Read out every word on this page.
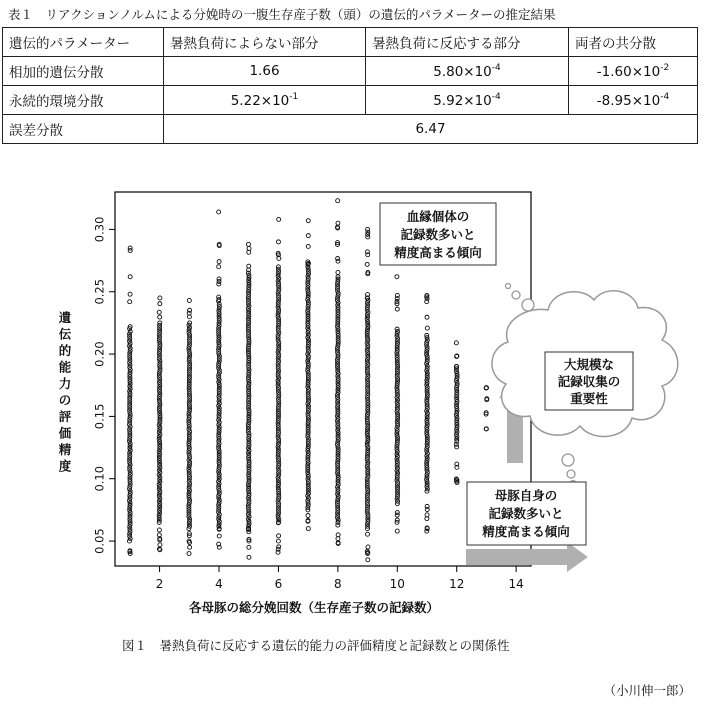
表１　リアクションノルムによる分娩時の一腹生存産子数（頭）の遺伝的パラメーターの推定結果
遺伝的パラメーター	暑熱負荷によらない部分	暑熱負荷に反応する部分	両者の共分散
相加的遺伝分散	1.66	$5.80\times 10^{-4}$	$-1.60\times 10^{-2}$
永続的環境分散	$5.22\times 10^{-1}$	$5.92\times 10^{-4}$	$-8.95\times 10^{-4}$
誤差分散	6.47		
遺
伝
的
能
力
の
評
価
精
度
2	4	6	8	10	12	14
0.05
0.10
0.15
0.20
0.25
0.30
大規模な
記録収集の
重要性
血縁個体の
記録数多いと
精度高まる傾向
母豚自身の
記録数多いと
精度高まる傾向
各母豚の総分娩回数（生存産子数の記録数）
図１　暑熱負荷に反応する遺伝的能力の評価精度と記録数との関係性
（小川伸一郎）
